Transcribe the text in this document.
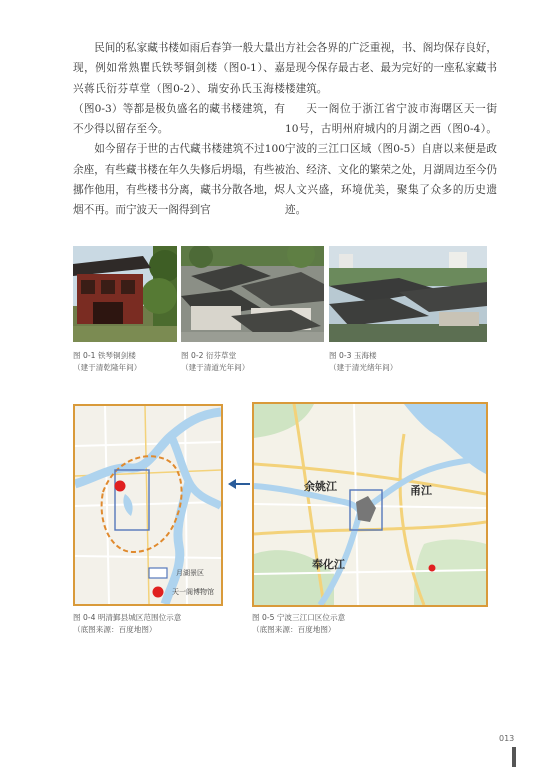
民间的私家藏书楼如雨后春笋一般大量出现，例如常熟瞿氏铁琴铜剑楼（图0-1）、嘉兴蒋氏衍芬草堂（图0-2）、瑞安孙氏玉海楼（图0-3）等都是极负盛名的藏书楼建筑，有不少得以留存至今。

如今留存于世的古代藏书楼建筑不过100余座，有些藏书楼在年久失修后坍塌，有些被挪作他用，有些楼书分离，藏书分散各地，烬烟不再。而宁波天一阁得到官

方社会各界的广泛重视，书、阁均保存良好，是现今保存最古老、最为完好的一座私家藏书楼建筑。

天一阁位于浙江省宁波市海曙区天一街10号，古明州府城内的月湖之西（图0-4）。宁波的三江口区域（图0-5）自唐以来便是政治、经济、文化的繁荣之处，月湖周边至今仍人文兴盛，环境优美，聚集了众多的历史遗迹。

图 0-1 铁琴铜剑楼
（建于清乾隆年间）
图 0-2 衍芬草堂
（建于清道光年间）
图 0-3 玉海楼
（建于清光绪年间）
月湖景区
天一阁博物馆
图 0-4 明清鄞县城区范围位示意
（底图来源：百度地图）
余姚江	甬江
奉化江
图 0-5 宁波三江口区位示意
（底图来源：百度地图）
013
